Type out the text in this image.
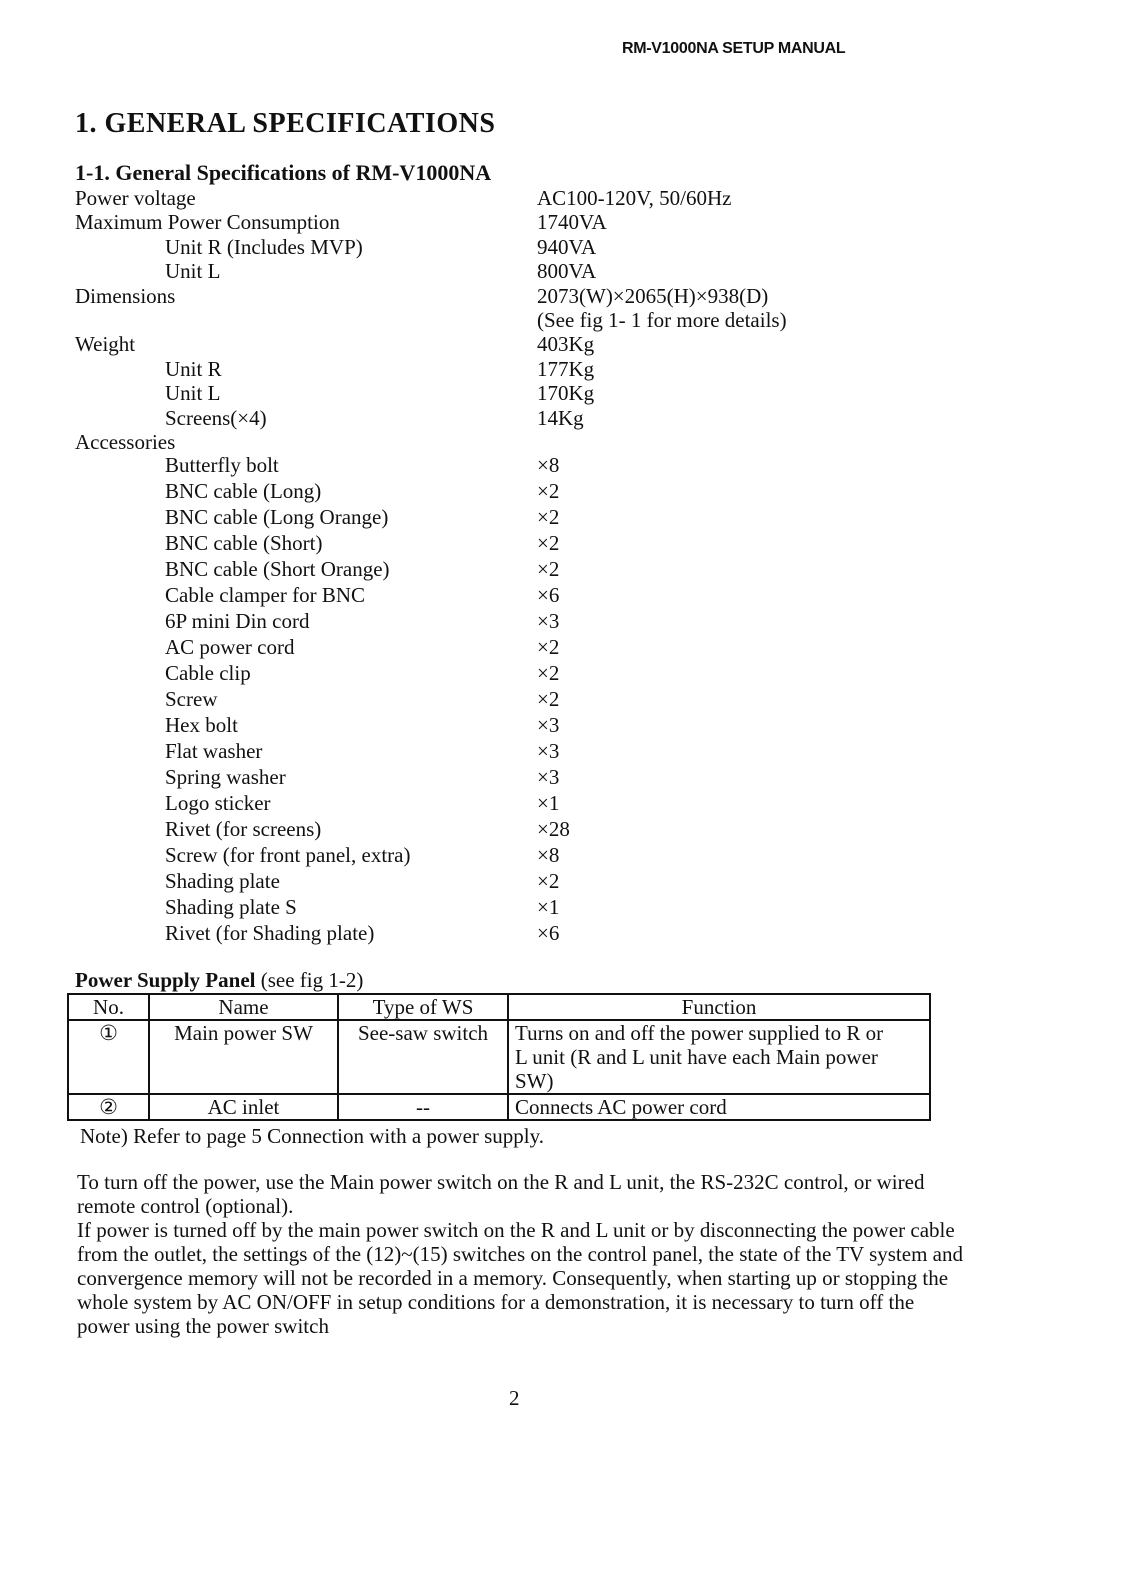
RM-V1000NA SETUP MANUAL
1. GENERAL SPECIFICATIONS
1-1. General Specifications of RM-V1000NA
Power voltage	AC100-120V, 50/60Hz
Maximum Power Consumption	1740VA
Unit R (Includes MVP)	940VA
Unit L	800VA
Dimensions	2073(W)×2065(H)×938(D)
(See fig 1- 1 for more details)
Weight	403Kg
Unit R	177Kg
Unit L	170Kg
Screens(×4)	14Kg
Accessories
Butterfly bolt	×8
BNC cable (Long)	×2
BNC cable (Long Orange)	×2
BNC cable (Short)	×2
BNC cable (Short Orange)	×2
Cable clamper for BNC	×6
6P mini Din cord	×3
AC power cord	×2
Cable clip	×2
Screw	×2
Hex bolt	×3
Flat washer	×3
Spring washer	×3
Logo sticker	×1
Rivet (for screens)	×28
Screw (for front panel, extra)	×8
Shading plate	×2
Shading plate S	×1
Rivet (for Shading plate)	×6
Power Supply Panel (see fig 1-2)
No.	Name	Type of WS	Function
①	Main power SW	See-saw switch	Turns on and off the power supplied to R or L unit (R and L unit have each Main power SW)
②	AC inlet	--	Connects AC power cord
Note) Refer to page 5 Connection with a power supply.

To turn off the power, use the Main power switch on the R and L unit, the RS-232C control, or wired remote control (optional).

If power is turned off by the main power switch on the R and L unit or by disconnecting the power cable from the outlet, the settings of the (12)~(15) switches on the control panel, the state of the TV system and convergence memory will not be recorded in a memory. Consequently, when starting up or stopping the whole system by AC ON/OFF in setup conditions for a demonstration, it is necessary to turn off the power using the power switch

2
